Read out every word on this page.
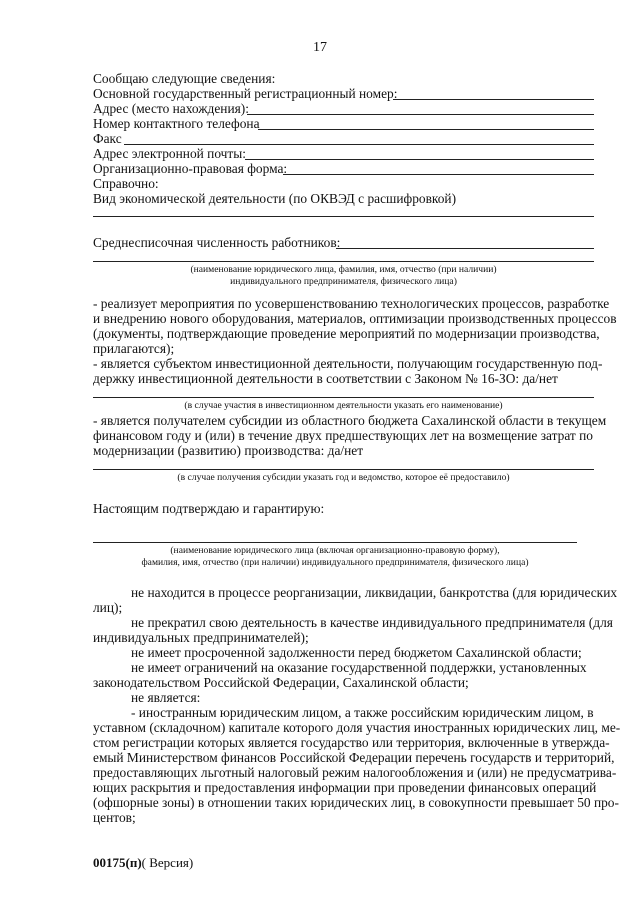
17
Сообщаю следующие сведения:
Основной государственный регистрационный номер:
Адрес (место нахождения):
Номер контактного телефона
Факс
Адрес электронной почты:
Организационно-правовая форма:
Справочно:
Вид экономической деятельности (по ОКВЭД с расшифровкой)
Среднесписочная численность работников:
(наименование юридического лица, фамилия, имя, отчество (при наличии)
индивидуального предпринимателя, физического лица)
- реализует мероприятия по усовершенствованию технологических процессов, разработке
и внедрению нового оборудования, материалов, оптимизации производственных процессов
(документы, подтверждающие проведение мероприятий по модернизации производства,
прилагаются);
- является субъектом инвестиционной деятельности, получающим государственную под-
держку инвестиционной деятельности в соответствии с Законом № 16-ЗО: да/нет
(в случае участия в инвестиционном деятельности указать его наименование)
- является получателем субсидии из областного бюджета Сахалинской области в текущем
финансовом году и (или) в течение двух предшествующих лет на возмещение затрат по
модернизации (развитию) производства: да/нет
(в случае получения субсидии указать год и ведомство, которое её предоставило)
Настоящим подтверждаю и гарантирую:
(наименование юридического лица (включая организационно-правовую форму),
фамилия, имя, отчество (при наличии) индивидуального предпринимателя, физического лица)
не находится в процессе реорганизации, ликвидации, банкротства (для юридических
лиц);
не прекратил свою деятельность в качестве индивидуального предпринимателя (для
индивидуальных предпринимателей);
не имеет просроченной задолженности перед бюджетом Сахалинской области;
не имеет ограничений на оказание государственной поддержки, установленных
законодательством Российской Федерации, Сахалинской области;
не является:
- иностранным юридическим лицом, а также российским юридическим лицом, в
уставном (складочном) капитале которого доля участия иностранных юридических лиц, ме-
стом регистрации которых является государство или территория, включенные в утвержда-
емый Министерством финансов Российской Федерации перечень государств и территорий,
предоставляющих льготный налоговый режим налогообложения и (или) не предусматрива-
ющих раскрытия и предоставления информации при проведении финансовых операций
(офшорные зоны) в отношении таких юридических лиц, в совокупности превышает 50 про-
центов;
00175(п)( Версия)
